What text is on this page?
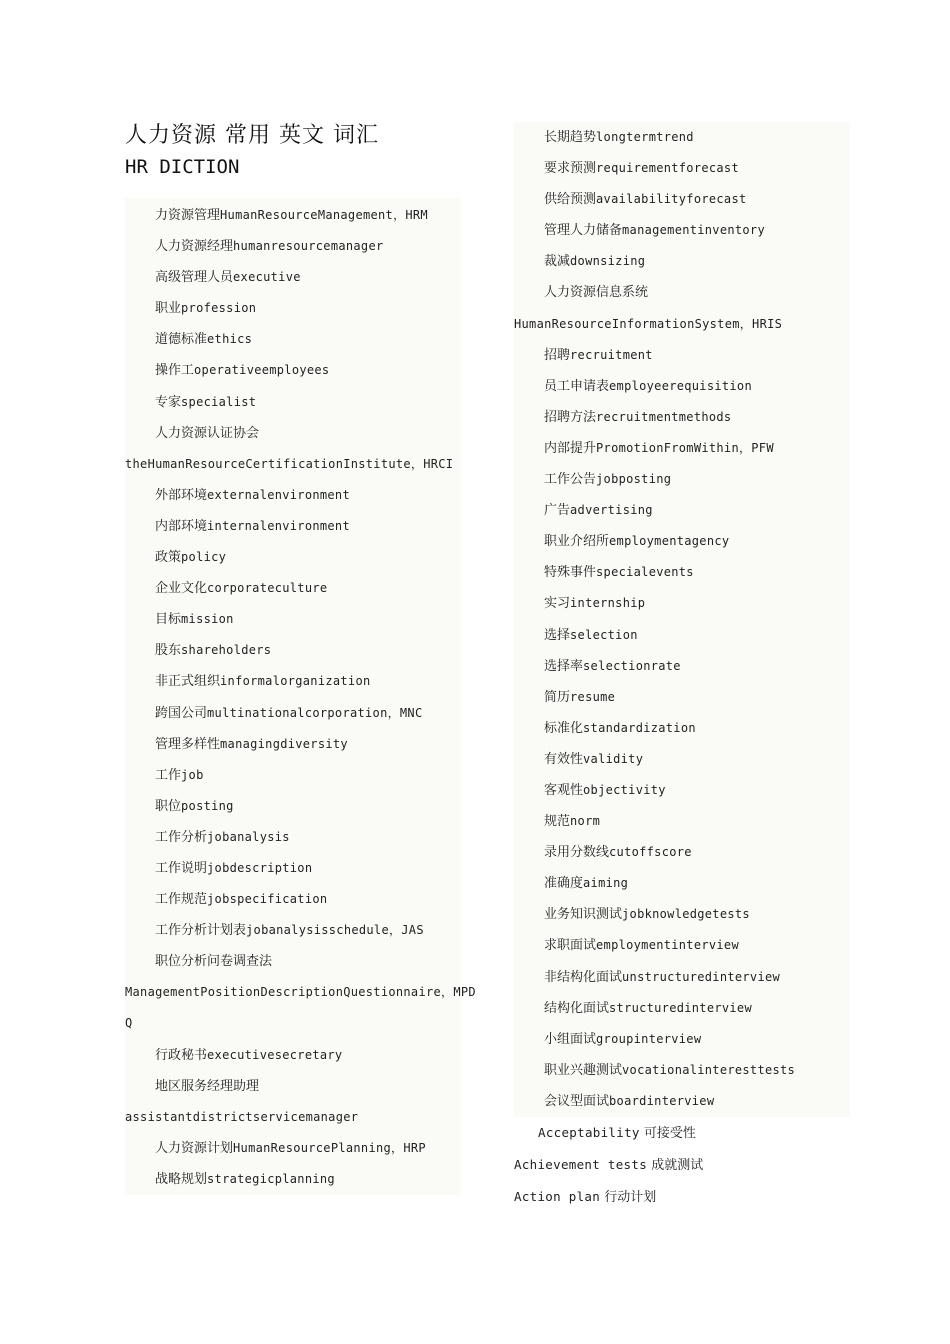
人力资源 常用 英文 词汇
HR DICTION
力资源管理HumanResourceManagement，HRM
人力资源经理humanresourcemanager
高级管理人员executive
职业profession
道德标准ethics
操作工operativeemployees
专家specialist
人力资源认证协会
theHumanResourceCertificationInstitute，HRCI
外部环境externalenvironment
内部环境internalenvironment
政策policy
企业文化corporateculture
目标mission
股东shareholders
非正式组织informalorganization
跨国公司multinationalcorporation，MNC
管理多样性managingdiversity
工作job
职位posting
工作分析jobanalysis
工作说明jobdescription
工作规范jobspecification
工作分析计划表jobanalysisschedule，JAS
职位分析问卷调查法
ManagementPositionDescriptionQuestionnaire，MPD
Q
行政秘书executivesecretary
地区服务经理助理
assistantdistrictservicemanager
人力资源计划HumanResourcePlanning，HRP
战略规划strategicplanning
长期趋势longtermtrend
要求预测requirementforecast
供给预测availabilityforecast
管理人力储备managementinventory
裁减downsizing
人力资源信息系统
HumanResourceInformationSystem，HRIS
招聘recruitment
员工申请表employeerequisition
招聘方法recruitmentmethods
内部提升PromotionFromWithin，PFW
工作公告jobposting
广告advertising
职业介绍所employmentagency
特殊事件specialevents
实习internship
选择selection
选择率selectionrate
简历resume
标准化standardization
有效性validity
客观性objectivity
规范norm
录用分数线cutoffscore
准确度aiming
业务知识测试jobknowledgetests
求职面试employmentinterview
非结构化面试unstructuredinterview
结构化面试structuredinterview
小组面试groupinterview
职业兴趣测试vocationalinteresttests
会议型面试boardinterview
Acceptability 可接受性
Achievement tests 成就测试
Action plan 行动计划
